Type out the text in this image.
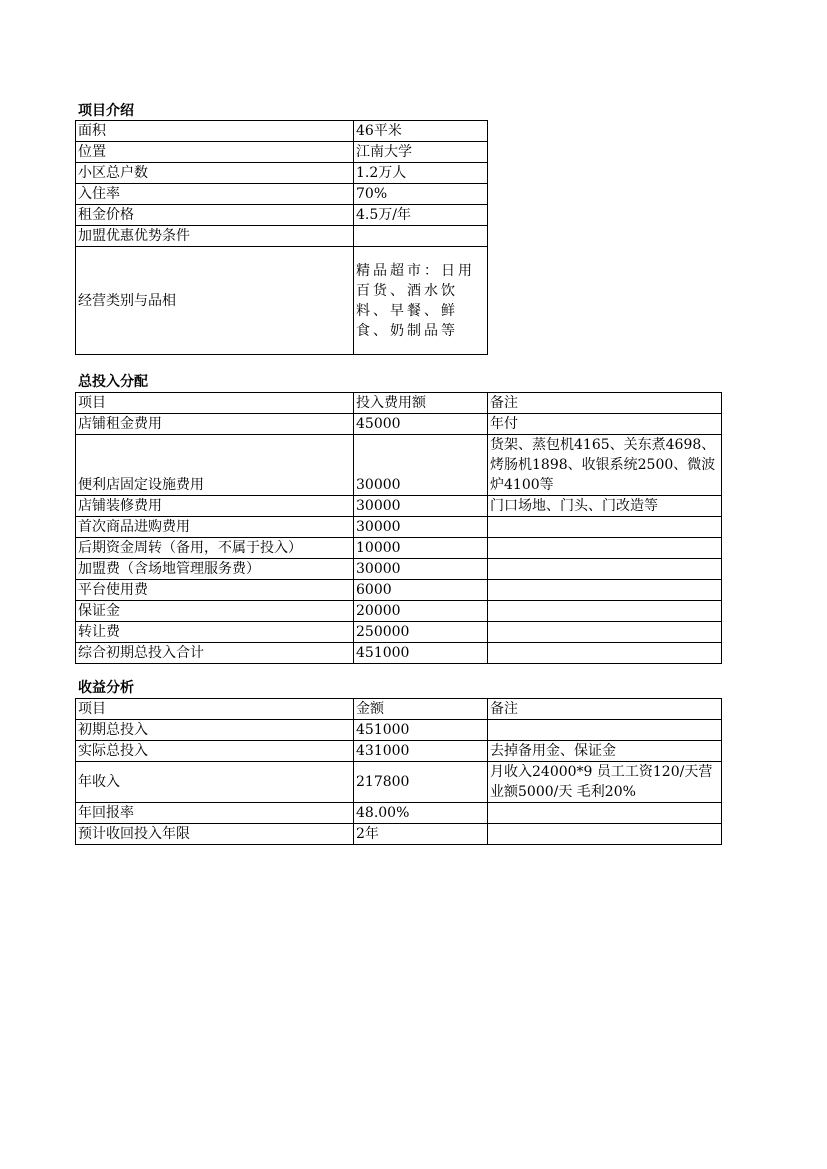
项目介绍
面积	46平米
位置	江南大学
小区总户数	1.2万人
入住率	70%
租金价格	4.5万/年
加盟优惠优势条件	
经营类别与品相	精品超市：日用百货、酒水饮料、早餐、鲜食、奶制品等
总投入分配
项目	投入费用额	备注
店铺租金费用	45000	年付
便利店固定设施费用	30000	货架、蒸包机4165、关东煮4698、烤肠机1898、收银系统2500、微波炉4100等
店铺装修费用	30000	门口场地、门头、门改造等
首次商品进购费用	30000	
后期资金周转（备用，不属于投入）	10000	
加盟费（含场地管理服务费）	30000	
平台使用费	6000	
保证金	20000	
转让费	250000	
综合初期总投入合计	451000	
收益分析
项目	金额	备注
初期总投入	451000	
实际总投入	431000	去掉备用金、保证金
年收入	217800	月收入24000*9 员工工资120/天营业额5000/天 毛利20%
年回报率	48.00%	
预计收回投入年限	2年	
